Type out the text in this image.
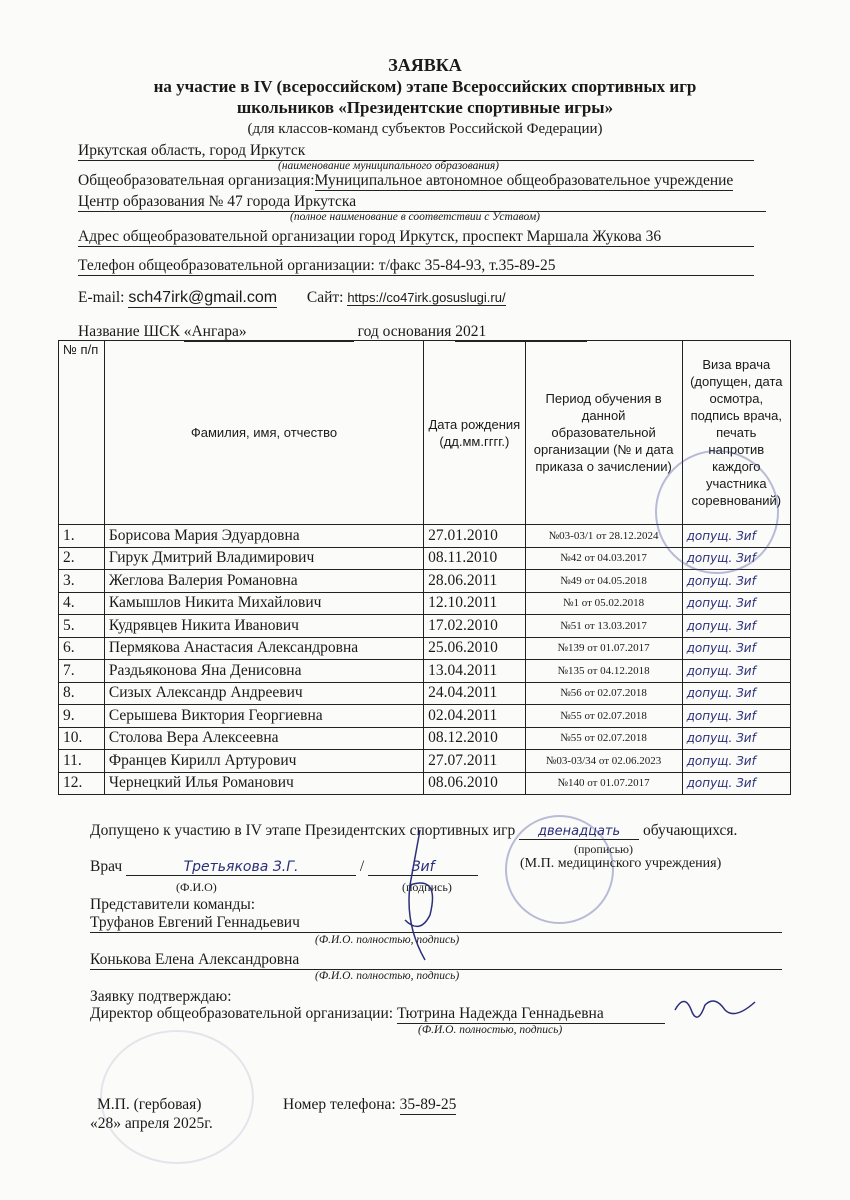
ЗАЯВКА
на участие в IV (всероссийском) этапе Всероссийских спортивных игр
школьников «Президентские спортивные игры»
(для классов-команд субъектов Российской Федерации)
Иркутская область, город Иркутск
(наименование муниципального образования)
Общеобразовательная организация:Муниципальное автономное общеобразовательное учреждение
Центр образования № 47 города Иркутска
(полное наименование в соответствии с Уставом)
Адрес общеобразовательной организации город Иркутск, проспект Маршала Жукова 36
Телефон общеобразовательной организации: т/факс 35-84-93, т.35-89-25
E-mail: sch47irk@gmail.com Сайт: https://co47irk.gosuslugi.ru/
Название ШСК «Ангара»	год основания 2021
№ п/п	Фамилия, имя, отчество	Дата рождения (дд.мм.гггг.)	Период обучения в данной образовательной организации (№ и дата приказа о зачислении)	Виза врача (допущен, дата осмотра, подпись врача, печать напротив каждого участника соревнований)
1.	Борисова Мария Эдуардовна	27.01.2010	№03-03/1 от 28.12.2024	допущ. Зиf
2.	Гирук Дмитрий Владимирович	08.11.2010	№42 от 04.03.2017	допущ. Зиf
3.	Жеглова Валерия Романовна	28.06.2011	№49 от 04.05.2018	допущ. Зиf
4.	Камышлов Никита Михайлович	12.10.2011	№1 от 05.02.2018	допущ. Зиf
5.	Кудрявцев Никита Иванович	17.02.2010	№51 от 13.03.2017	допущ. Зиf
6.	Пермякова Анастасия Александровна	25.06.2010	№139 от 01.07.2017	допущ. Зиf
7.	Раздьяконова Яна Денисовна	13.04.2011	№135 от 04.12.2018	допущ. Зиf
8.	Сизых Александр Андреевич	24.04.2011	№56 от 02.07.2018	допущ. Зиf
9.	Серышева Виктория Георгиевна	02.04.2011	№55 от 02.07.2018	допущ. Зиf
10.	Столова Вера Алексеевна	08.12.2010	№55 от 02.07.2018	допущ. Зиf
11.	Францев Кирилл Артурович	27.07.2011	№03-03/34 от 02.06.2023	допущ. Зиf
12.	Чернецкий Илья Романович	08.06.2010	№140 от 01.07.2017	допущ. Зиf
Допущено к участию в IV этапе Президентских спортивных игр двенадцать обучающихся.
(прописью)
Врач	Третьякова З.Г.	/	Зиf	(М.П. медицинского учреждения)
(Ф.И.О)	(подпись)
Представители команды:
Труфанов Евгений Геннадьевич
(Ф.И.О. полностью, подпись)
Конькова Елена Александровна
(Ф.И.О. полностью, подпись)
Заявку подтверждаю:
Директор общеобразовательной организации: Тютрина Надежда Геннадьевна
(Ф.И.О. полностью, подпись)
М.П. (гербовая)	Номер телефона: 35-89-25
«28» апреля 2025г.
